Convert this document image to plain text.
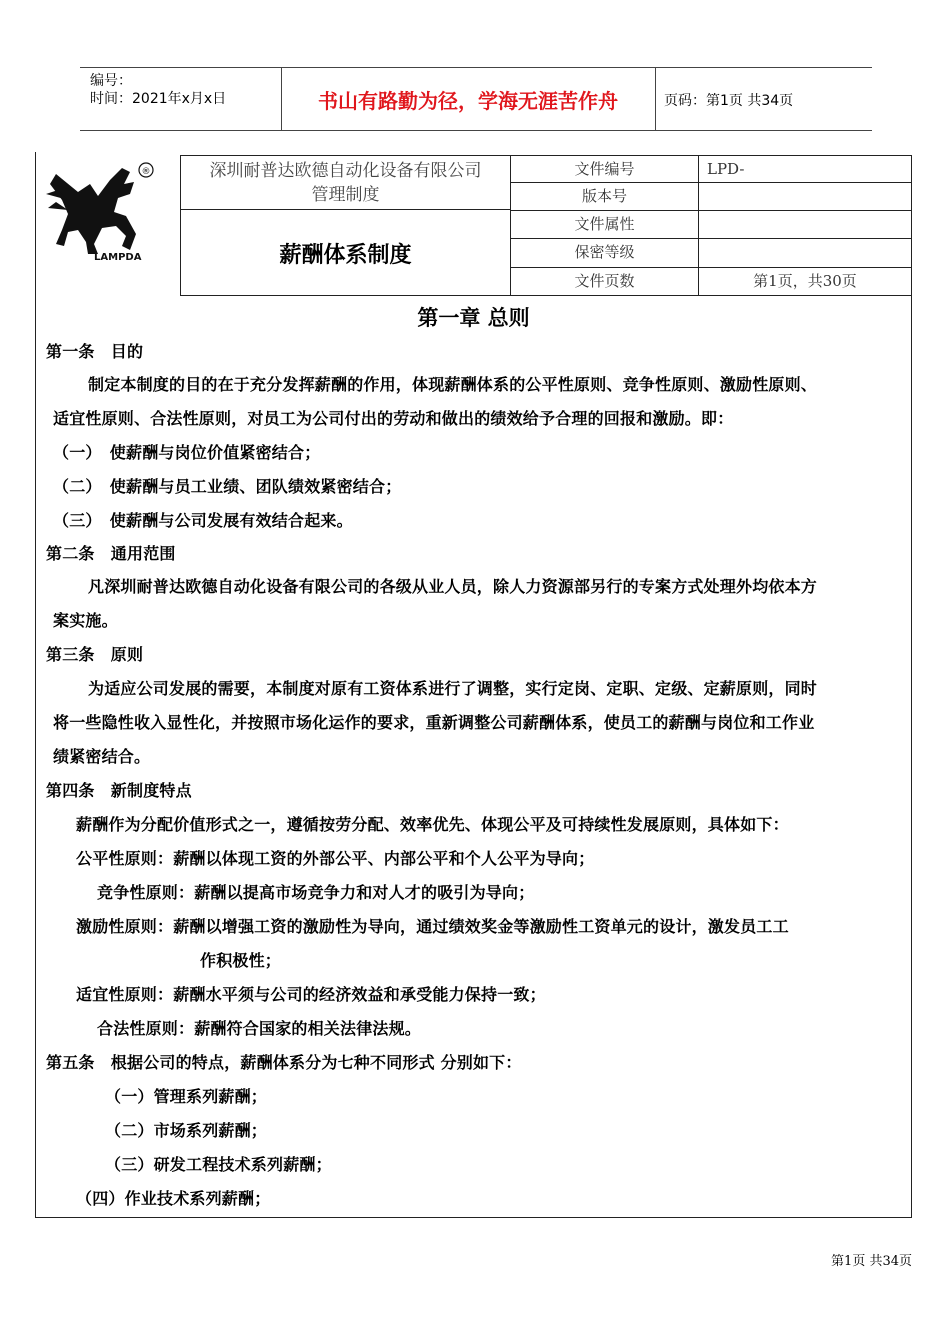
编号：
时间：2021年x月x日	书山有路勤为径，学海无涯苦作舟	页码：第1页 共34页
®
LAMPDA
深圳耐普达欧德自动化设备有限公司
管理制度
薪酬体系制度
文件编号	LPD-
版本号
文件属性
保密等级
文件页数	第1页，共30页
第一章 总则
第一条　目的
制定本制度的目的在于充分发挥薪酬的作用，体现薪酬体系的公平性原则、竞争性原则、激励性原则、
适宜性原则、合法性原则，对员工为公司付出的劳动和做出的绩效给予合理的回报和激励。即：
（一）　使薪酬与岗位价值紧密结合；
（二）　使薪酬与员工业绩、团队绩效紧密结合；
（三）　使薪酬与公司发展有效结合起来。
第二条　通用范围
凡深圳耐普达欧德自动化设备有限公司的各级从业人员，除人力资源部另行的专案方式处理外均依本方
案实施。
第三条　原则
为适应公司发展的需要，本制度对原有工资体系进行了调整，实行定岗、定职、定级、定薪原则，同时
将一些隐性收入显性化，并按照市场化运作的要求，重新调整公司薪酬体系，使员工的薪酬与岗位和工作业
绩紧密结合。
第四条　新制度特点
薪酬作为分配价值形式之一，遵循按劳分配、效率优先、体现公平及可持续性发展原则，具体如下：
公平性原则：薪酬以体现工资的外部公平、内部公平和个人公平为导向；
竞争性原则：薪酬以提高市场竞争力和对人才的吸引为导向；
激励性原则：薪酬以增强工资的激励性为导向，通过绩效奖金等激励性工资单元的设计，激发员工工
作积极性；
适宜性原则：薪酬水平须与公司的经济效益和承受能力保持一致；
合法性原则：薪酬符合国家的相关法律法规。
第五条　根据公司的特点，薪酬体系分为七种不同形式 分别如下：
（一）管理系列薪酬；
（二）市场系列薪酬；
（三）研发工程技术系列薪酬；
（四）作业技术系列薪酬；
第1页 共34页
